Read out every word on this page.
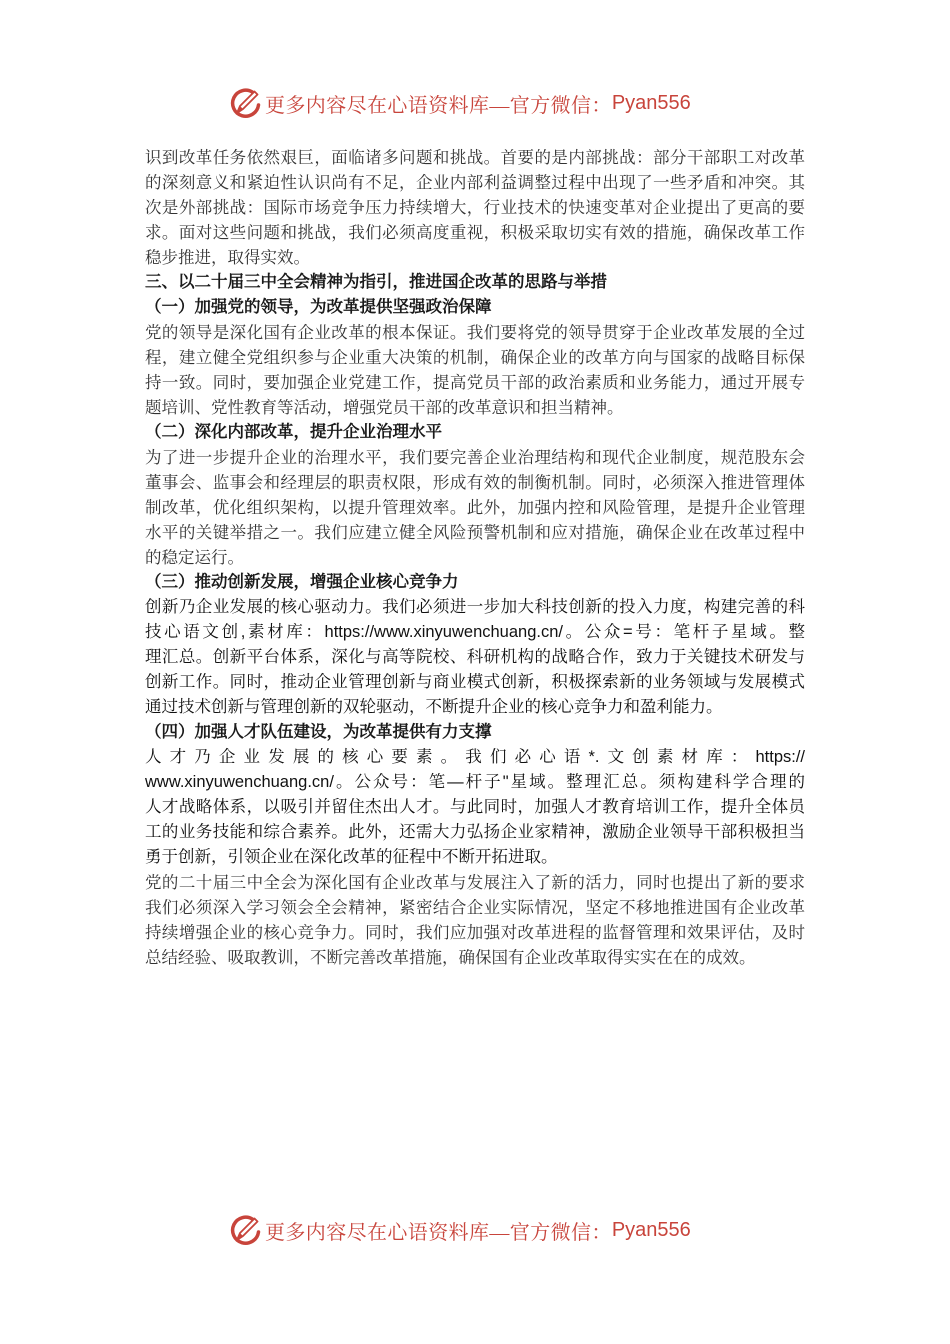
更多内容尽在心语资料库—官方微信： Pyan556
识到改革任务依然艰巨，面临诸多问题和挑战。首要的是内部挑战：部分干部职工对改革
的深刻意义和紧迫性认识尚有不足，企业内部利益调整过程中出现了一些矛盾和冲突。其
次是外部挑战：国际市场竞争压力持续增大，行业技术的快速变革对企业提出了更高的要
求。面对这些问题和挑战，我们必须高度重视，积极采取切实有效的措施，确保改革工作
稳步推进，取得实效。
三、以二十届三中全会精神为指引，推进国企改革的思路与举措
（一）加强党的领导，为改革提供坚强政治保障
党的领导是深化国有企业改革的根本保证。我们要将党的领导贯穿于企业改革发展的全过
程，建立健全党组织参与企业重大决策的机制，确保企业的改革方向与国家的战略目标保
持一致。同时，要加强企业党建工作，提高党员干部的政治素质和业务能力，通过开展专
题培训、党性教育等活动，增强党员干部的改革意识和担当精神。
（二）深化内部改革，提升企业治理水平
为了进一步提升企业的治理水平，我们要完善企业治理结构和现代企业制度，规范股东会
董事会、监事会和经理层的职责权限，形成有效的制衡机制。同时，必须深入推进管理体
制改革，优化组织架构，以提升管理效率。此外，加强内控和风险管理，是提升企业管理
水平的关键举措之一。我们应建立健全风险预警机制和应对措施，确保企业在改革过程中
的稳定运行。
（三）推动创新发展，增强企业核心竞争力
创新乃企业发展的核心驱动力。我们必须进一步加大科技创新的投入力度，构建完善的科
技心语文创,素材库：https://www.xinyuwenchuang.cn/。公众=号：笔杆子星域。整
理汇总。创新平台体系，深化与高等院校、科研机构的战略合作，致力于关键技术研发与
创新工作。同时，推动企业管理创新与商业模式创新，积极探索新的业务领域与发展模式
通过技术创新与管理创新的双轮驱动，不断提升企业的核心竞争力和盈利能力。
（四）加强人才队伍建设，为改革提供有力支撑
人才乃企业发展的核心要素。我们必心语*.文创素材库：https://
www.xinyuwenchuang.cn/。公众号：笔—杆子"星域。整理汇总。须构建科学合理的
人才战略体系，以吸引并留住杰出人才。与此同时，加强人才教育培训工作，提升全体员
工的业务技能和综合素养。此外，还需大力弘扬企业家精神，激励企业领导干部积极担当
勇于创新，引领企业在深化改革的征程中不断开拓进取。
党的二十届三中全会为深化国有企业改革与发展注入了新的活力，同时也提出了新的要求
我们必须深入学习领会全会精神，紧密结合企业实际情况，坚定不移地推进国有企业改革
持续增强企业的核心竞争力。同时，我们应加强对改革进程的监督管理和效果评估，及时
总结经验、吸取教训，不断完善改革措施，确保国有企业改革取得实实在在的成效。
更多内容尽在心语资料库—官方微信： Pyan556
